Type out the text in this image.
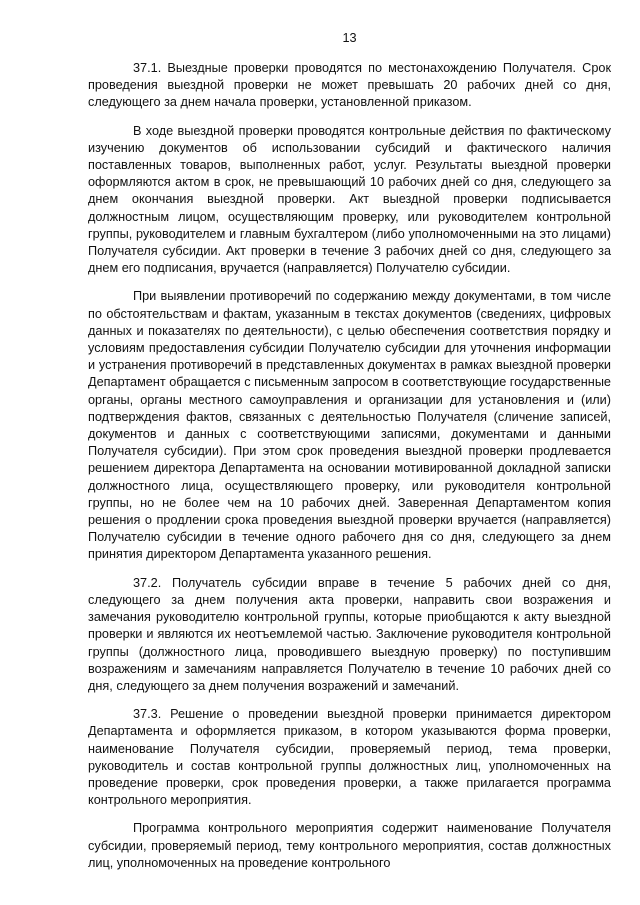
13

37.1. Выездные проверки проводятся по местонахождению Получателя. Срок проведения выездной проверки не может превышать 20 рабочих дней со дня, следующего за днем начала проверки, установленной приказом.

В ходе выездной проверки проводятся контрольные действия по фактическому изучению документов об использовании субсидий и фактического наличия поставленных товаров, выполненных работ, услуг. Результаты выездной проверки оформляются актом в срок, не превышающий 10 рабочих дней со дня, следующего за днем окончания выездной проверки. Акт выездной проверки подписывается должностным лицом, осуществляющим проверку, или руководителем контрольной группы, руководителем и главным бухгалтером (либо уполномоченными на это лицами) Получателя субсидии. Акт проверки в течение 3 рабочих дней со дня, следующего за днем его подписания, вручается (направляется) Получателю субсидии.

При выявлении противоречий по содержанию между документами, в том числе по обстоятельствам и фактам, указанным в текстах документов (сведениях, цифровых данных и показателях по деятельности), с целью обеспечения соответствия порядку и условиям предоставления субсидии Получателю субсидии для уточнения информации и устранения противоречий в представленных документах в рамках выездной проверки Департамент обращается с письменным запросом в соответствующие государственные органы, органы местного самоуправления и организации для установления и (или) подтверждения фактов, связанных с деятельностью Получателя (сличение записей, документов и данных с соответствующими записями, документами и данными Получателя субсидии). При этом срок проведения выездной проверки продлевается решением директора Департамента на основании мотивированной докладной записки должностного лица, осуществляющего проверку, или руководителя контрольной группы, но не более чем на 10 рабочих дней. Заверенная Департаментом копия решения о продлении срока проведения выездной проверки вручается (направляется) Получателю субсидии в течение одного рабочего дня со дня, следующего за днем принятия директором Департамента указанного решения.

37.2. Получатель субсидии вправе в течение 5 рабочих дней со дня, следующего за днем получения акта проверки, направить свои возражения и замечания руководителю контрольной группы, которые приобщаются к акту выездной проверки и являются их неотъемлемой частью. Заключение руководителя контрольной группы (должностного лица, проводившего выездную проверку) по поступившим возражениям и замечаниям направляется Получателю в течение 10 рабочих дней со дня, следующего за днем получения возражений и замечаний.

37.3. Решение о проведении выездной проверки принимается директором Департамента и оформляется приказом, в котором указываются форма проверки, наименование Получателя субсидии, проверяемый период, тема проверки, руководитель и состав контрольной группы должностных лиц, уполномоченных на проведение проверки, срок проведения проверки, а также прилагается программа контрольного мероприятия.

Программа контрольного мероприятия содержит наименование Получателя субсидии, проверяемый период, тему контрольного мероприятия, состав должностных лиц, уполномоченных на проведение контрольного
